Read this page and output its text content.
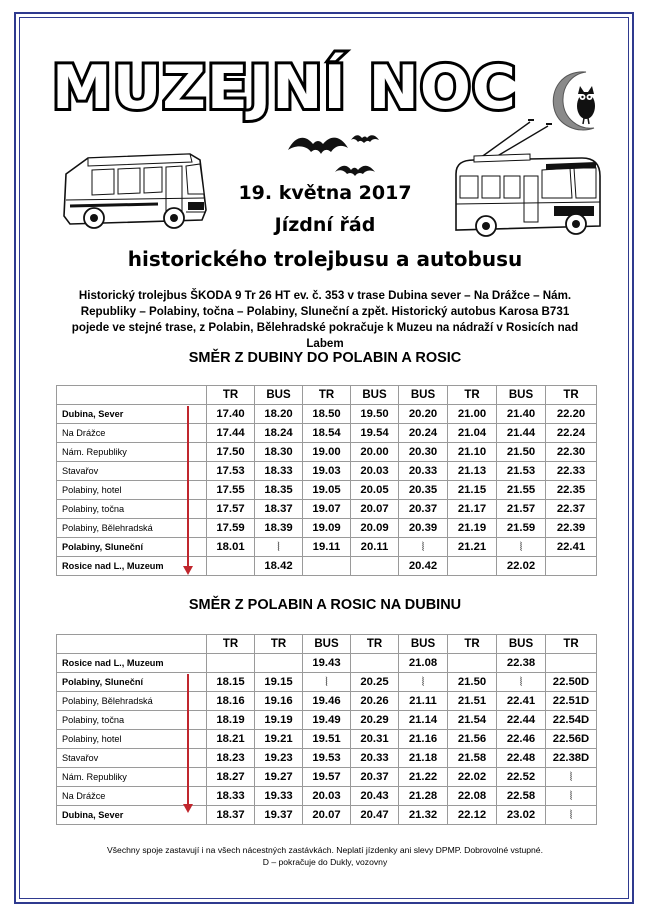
MUZEJNÍ NOC
19. května 2017
Jízdní řád
historického trolejbusu a autobusu
Historický trolejbus ŠKODA 9 Tr 26 HT ev. č. 353 v trase Dubina sever – Na Drážce – Nám. Republiky – Polabiny, točna – Polabiny, Sluneční a zpět. Historický autobus Karosa B731 pojede ve stejné trase, z Polabin, Bělehradské pokračuje k Muzeu na nádraží v Rosicích nad Labem
SMĚR Z DUBINY DO POLABIN A ROSIC
		TR	BUS	TR	BUS	BUS	TR	BUS	TR
Dubina, Sever		17.40	18.20	18.50	19.50	20.20	21.00	21.40	22.20
Na Drážce		17.44	18.24	18.54	19.54	20.24	21.04	21.44	22.24
Nám. Republiky		17.50	18.30	19.00	20.00	20.30	21.10	21.50	22.30
Stavařov		17.53	18.33	19.03	20.03	20.33	21.13	21.53	22.33
Polabiny, hotel		17.55	18.35	19.05	20.05	20.35	21.15	21.55	22.35
Polabiny, točna		17.57	18.37	19.07	20.07	20.37	21.17	21.57	22.37
Polabiny, Bělehradská		17.59	18.39	19.09	20.09	20.39	21.19	21.59	22.39
Polabiny, Sluneční		18.01	⦚	19.11	20.11	⦚	21.21	⦚	22.41
Rosice nad L., Muzeum			18.42			20.42		22.02	
SMĚR Z POLABIN A ROSIC NA DUBINU
		TR	TR	BUS	TR	BUS	TR	BUS	TR
Rosice nad L., Muzeum				19.43		21.08		22.38	
Polabiny, Sluneční		18.15	19.15	⦚	20.25	⦚	21.50	⦚	22.50D
Polabiny, Bělehradská		18.16	19.16	19.46	20.26	21.11	21.51	22.41	22.51D
Polabiny, točna		18.19	19.19	19.49	20.29	21.14	21.54	22.44	22.54D
Polabiny, hotel		18.21	19.21	19.51	20.31	21.16	21.56	22.46	22.56D
Stavařov		18.23	19.23	19.53	20.33	21.18	21.58	22.48	22.38D
Nám. Republiky		18.27	19.27	19.57	20.37	21.22	22.02	22.52	⦚
Na Drážce		18.33	19.33	20.03	20.43	21.28	22.08	22.58	⦚
Dubina, Sever		18.37	19.37	20.07	20.47	21.32	22.12	23.02	⦚
Všechny spoje zastavují i na všech nácestných zastávkách. Neplatí jízdenky ani slevy DPMP. Dobrovolné vstupné.
D – pokračuje do Dukly, vozovny
